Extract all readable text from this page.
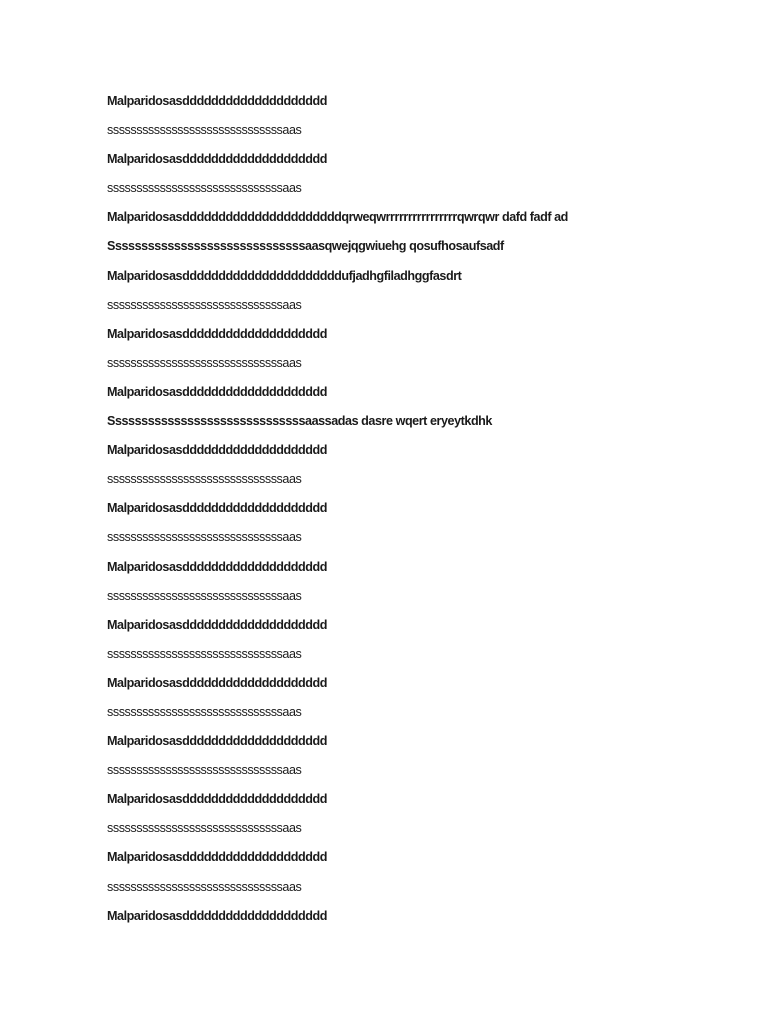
Malparidosasdddddddddddddddddddd
ssssssssssssssssssssssssssssssaas
Malparidosasdddddddddddddddddddd
ssssssssssssssssssssssssssssssaas
Malparidosasddddddddddddddddddddddqrweqwrrrrrrrrrrrrrrrrqwrqwr dafd fadf ad
Ssssssssssssssssssssssssssssssaasqwejqgwiuehg qosufhosaufsadf
Malparidosasddddddddddddddddddddddufjadhgfiladhggfasdrt
ssssssssssssssssssssssssssssssaas
Malparidosasdddddddddddddddddddd
ssssssssssssssssssssssssssssssaas
Malparidosasdddddddddddddddddddd
Ssssssssssssssssssssssssssssssaassadas dasre wqert eryeytkdhk
Malparidosasdddddddddddddddddddd
ssssssssssssssssssssssssssssssaas
Malparidosasdddddddddddddddddddd
ssssssssssssssssssssssssssssssaas
Malparidosasdddddddddddddddddddd
ssssssssssssssssssssssssssssssaas
Malparidosasdddddddddddddddddddd
ssssssssssssssssssssssssssssssaas
Malparidosasdddddddddddddddddddd
ssssssssssssssssssssssssssssssaas
Malparidosasdddddddddddddddddddd
ssssssssssssssssssssssssssssssaas
Malparidosasdddddddddddddddddddd
ssssssssssssssssssssssssssssssaas
Malparidosasdddddddddddddddddddd
ssssssssssssssssssssssssssssssaas
Malparidosasdddddddddddddddddddd
